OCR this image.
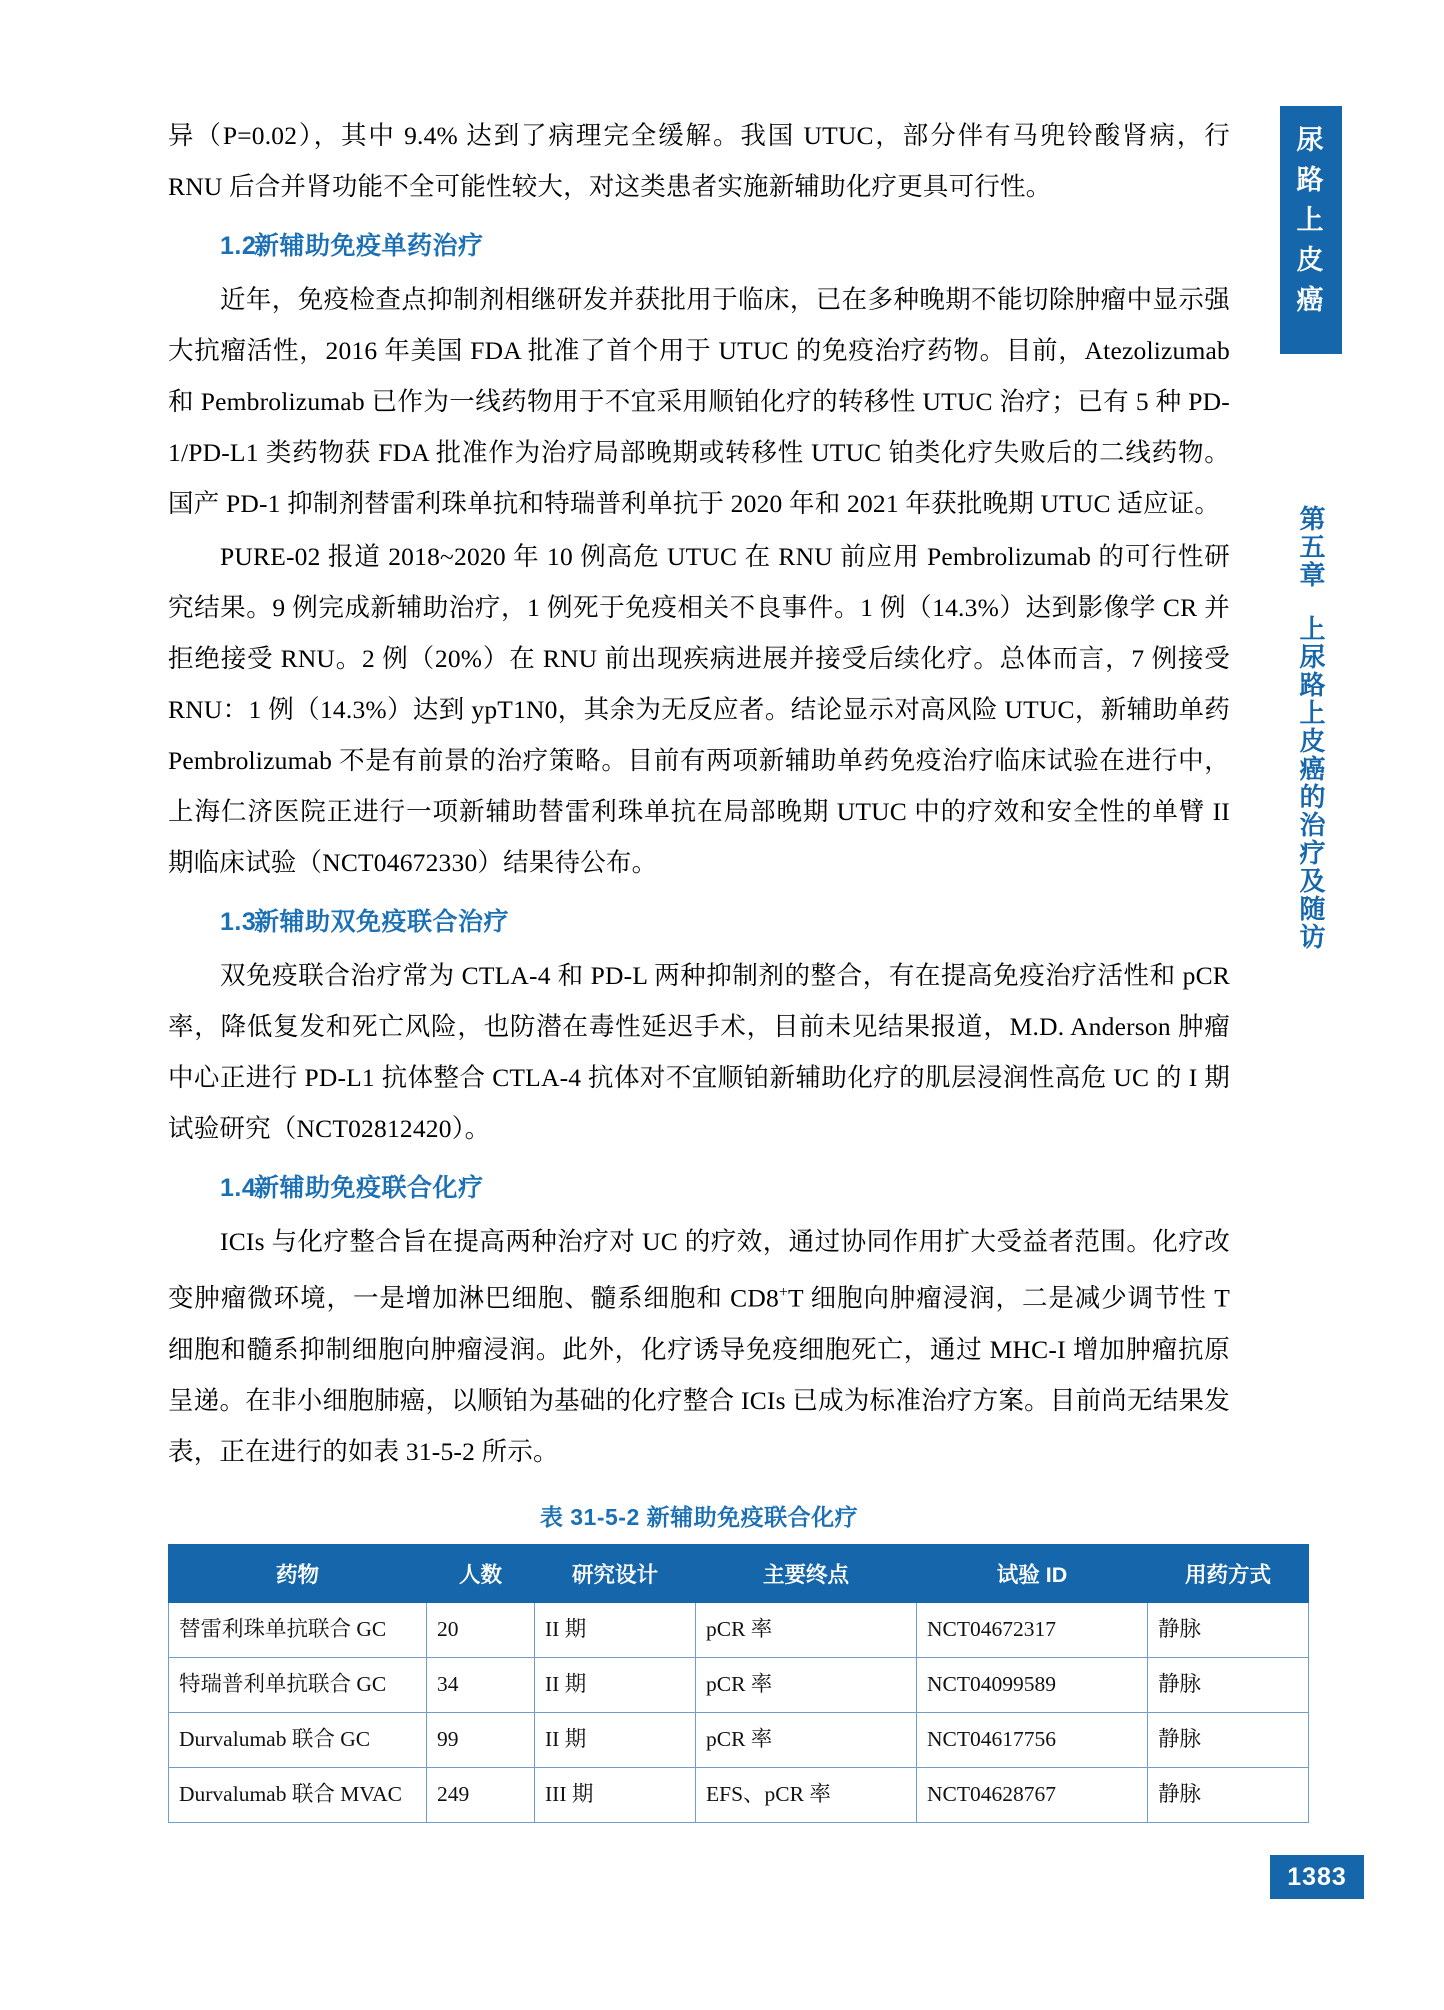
异（P=0.02），其中 9.4% 达到了病理完全缓解。我国 UTUC，部分伴有马兜铃酸肾病，行 RNU 后合并肾功能不全可能性较大，对这类患者实施新辅助化疗更具可行性。

1.2新辅助免疫单药治疗

近年，免疫检查点抑制剂相继研发并获批用于临床，已在多种晚期不能切除肿瘤中显示强大抗瘤活性，2016 年美国 FDA 批准了首个用于 UTUC 的免疫治疗药物。目前，Atezolizumab 和 Pembrolizumab 已作为一线药物用于不宜采用顺铂化疗的转移性 UTUC 治疗；已有 5 种 PD-1/PD-L1 类药物获 FDA 批准作为治疗局部晚期或转移性 UTUC 铂类化疗失败后的二线药物。国产 PD-1 抑制剂替雷利珠单抗和特瑞普利单抗于 2020 年和 2021 年获批晚期 UTUC 适应证。

PURE-02 报道 2018~2020 年 10 例高危 UTUC 在 RNU 前应用 Pembrolizumab 的可行性研究结果。9 例完成新辅助治疗，1 例死于免疫相关不良事件。1 例（14.3%）达到影像学 CR 并拒绝接受 RNU。2 例（20%）在 RNU 前出现疾病进展并接受后续化疗。总体而言，7 例接受 RNU：1 例（14.3%）达到 ypT1N0，其余为无反应者。结论显示对高风险 UTUC，新辅助单药 Pembrolizumab 不是有前景的治疗策略。目前有两项新辅助单药免疫治疗临床试验在进行中，上海仁济医院正进行一项新辅助替雷利珠单抗在局部晚期 UTUC 中的疗效和安全性的单臂 II 期临床试验（NCT04672330）结果待公布。

1.3新辅助双免疫联合治疗

双免疫联合治疗常为 CTLA-4 和 PD-L 两种抑制剂的整合，有在提高免疫治疗活性和 pCR 率，降低复发和死亡风险，也防潜在毒性延迟手术，目前未见结果报道，M.D. Anderson 肿瘤中心正进行 PD-L1 抗体整合 CTLA-4 抗体对不宜顺铂新辅助化疗的肌层浸润性高危 UC 的 I 期试验研究（NCT02812420）。

1.4新辅助免疫联合化疗

ICIs 与化疗整合旨在提高两种治疗对 UC 的疗效，通过协同作用扩大受益者范围。化疗改变肿瘤微环境，一是增加淋巴细胞、髓系细胞和 CD8+T 细胞向肿瘤浸润，二是减少调节性 T 细胞和髓系抑制细胞向肿瘤浸润。此外，化疗诱导免疫细胞死亡，通过 MHC-I 增加肿瘤抗原呈递。在非小细胞肺癌，以顺铂为基础的化疗整合 ICIs 已成为标准治疗方案。目前尚无结果发表，正在进行的如表 31-5-2 所示。

表 31-5-2 新辅助免疫联合化疗
药物	人数	研究设计	主要终点	试验 ID	用药方式
替雷利珠单抗联合 GC	20	II 期	pCR 率	NCT04672317	静脉
特瑞普利单抗联合 GC	34	II 期	pCR 率	NCT04099589	静脉
Durvalumab 联合 GC	99	II 期	pCR 率	NCT04617756	静脉
Durvalumab 联合 MVAC	249	III 期	EFS、pCR 率	NCT04628767	静脉
尿
路
上
皮
癌
第五章
上尿路上皮癌的治疗及随访
1383
